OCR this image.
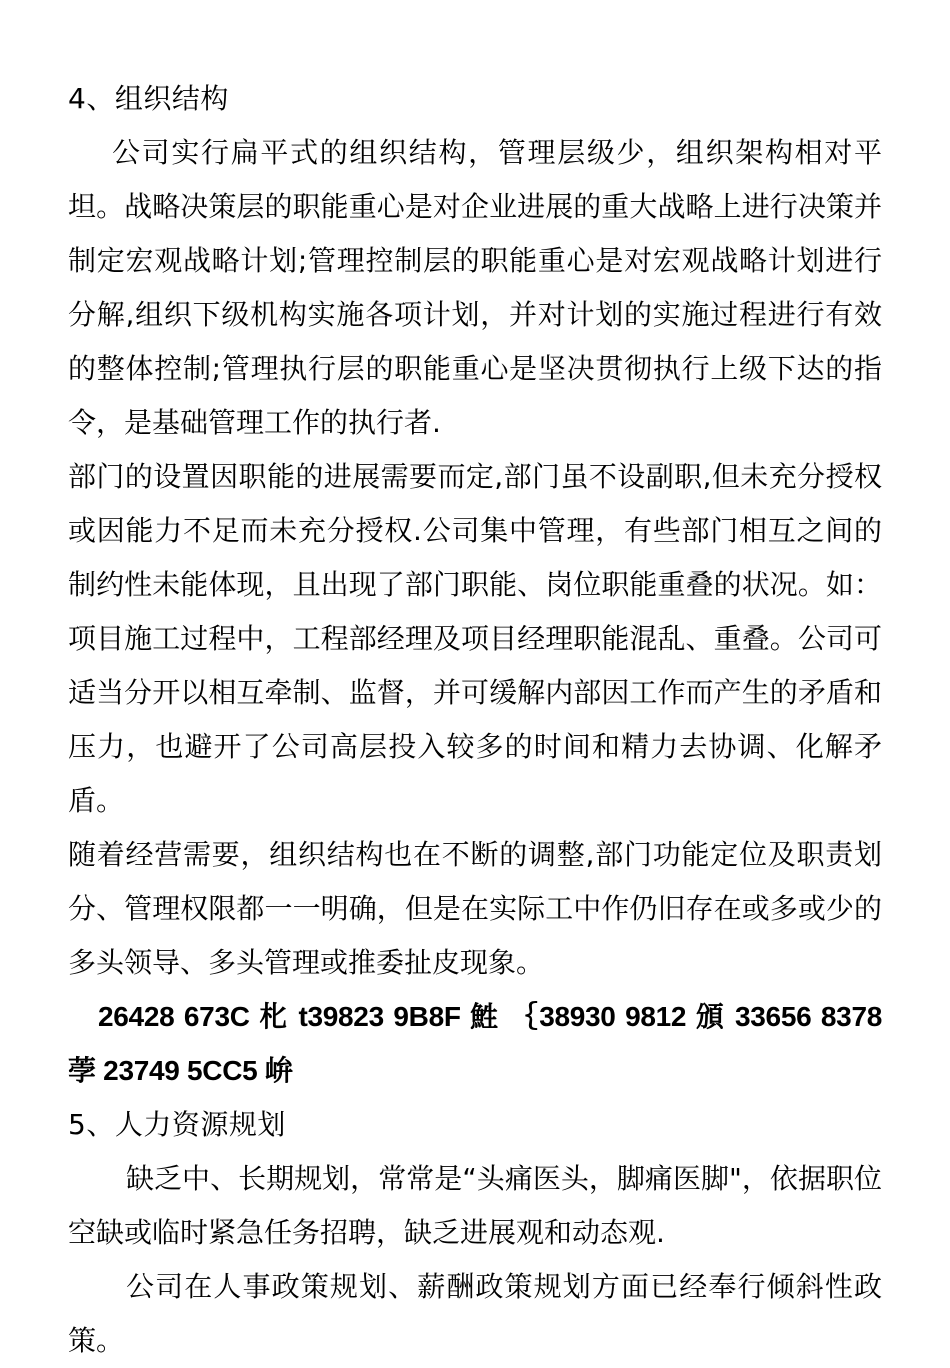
4、组织结构

公司实行扁平式的组织结构，管理层级少，组织架构相对平坦。战略决策层的职能重心是对企业进展的重大战略上进行决策并制定宏观战略计划;管理控制层的职能重心是对宏观战略计划进行分解,组织下级机构实施各项计划，并对计划的实施过程进行有效的整体控制;管理执行层的职能重心是坚决贯彻执行上级下达的指令，是基础管理工作的执行者.

部门的设置因职能的进展需要而定,部门虽不设副职,但未充分授权或因能力不足而未充分授权.公司集中管理，有些部门相互之间的制约性未能体现，且出现了部门职能、岗位职能重叠的状况。如：项目施工过程中，工程部经理及项目经理职能混乱、重叠。公司可适当分开以相互牵制、监督，并可缓解内部因工作而产生的矛盾和压力，也避开了公司高层投入较多的时间和精力去协调、化解矛盾。

随着经营需要，组织结构也在不断的调整,部门功能定位及职责划分、管理权限都一一明确，但是在实际工中作仍旧存在或多或少的多头领导、多头管理或推委扯皮现象。

26428 673C 朼 t39823 9B8F 鮏 ｛38930 9812 頒 33656 8378 荸 23749 5CC5 峅

5、人力资源规划

缺乏中、长期规划，常常是“头痛医头，脚痛医脚"，依据职位空缺或临时紧急任务招聘，缺乏进展观和动态观.

公司在人事政策规划、薪酬政策规划方面已经奉行倾斜性政策。
